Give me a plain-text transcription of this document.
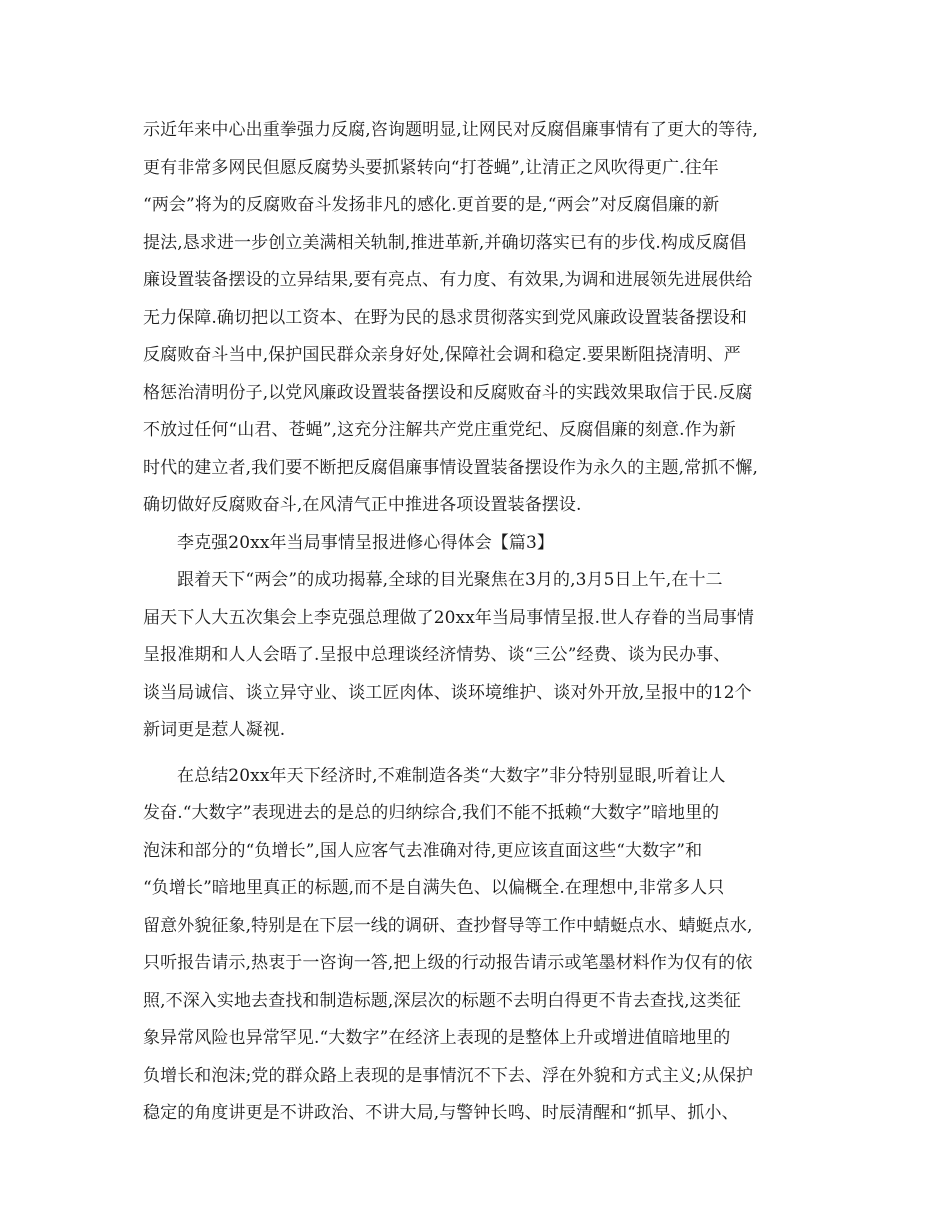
示近年来中心出重拳强力反腐,咨询题明显,让网民对反腐倡廉事情有了更大的等待,
更有非常多网民但愿反腐势头要抓紧转向“打苍蝇”,让清正之风吹得更广.往年
“两会”将为的反腐败奋斗发扬非凡的感化.更首要的是,“两会”对反腐倡廉的新
提法,恳求进一步创立美满相关轨制,推进革新,并确切落实已有的步伐.构成反腐倡
廉设置装备摆设的立异结果,要有亮点、有力度、有效果,为调和进展领先进展供给
无力保障.确切把以工资本、在野为民的恳求贯彻落实到党风廉政设置装备摆设和
反腐败奋斗当中,保护国民群众亲身好处,保障社会调和稳定.要果断阻挠清明、严
格惩治清明份子,以党风廉政设置装备摆设和反腐败奋斗的实践效果取信于民.反腐
不放过任何“山君、苍蝇”,这充分注解共产党庄重党纪、反腐倡廉的刻意.作为新
时代的建立者,我们要不断把反腐倡廉事情设置装备摆设作为永久的主题,常抓不懈,
确切做好反腐败奋斗,在风清气正中推进各项设置装备摆设.
李克强20xx年当局事情呈报进修心得体会【篇3】
跟着天下“两会”的成功揭幕,全球的目光聚焦在3月的,3月5日上午,在十二
届天下人大五次集会上李克强总理做了20xx年当局事情呈报.世人存眷的当局事情
呈报准期和人人会晤了.呈报中总理谈经济情势、谈“三公”经费、谈为民办事、
谈当局诚信、谈立异守业、谈工匠肉体、谈环境维护、谈对外开放,呈报中的12个
新词更是惹人凝视.
在总结20xx年天下经济时,不难制造各类“大数字”非分特别显眼,听着让人
发奋.“大数字”表现进去的是总的归纳综合,我们不能不抵赖“大数字”暗地里的
泡沫和部分的“负增长”,国人应客气去准确对待,更应该直面这些“大数字”和
“负增长”暗地里真正的标题,而不是自满失色、以偏概全.在理想中,非常多人只
留意外貌征象,特别是在下层一线的调研、查抄督导等工作中蜻蜓点水、蜻蜓点水,
只听报告请示,热衷于一咨询一答,把上级的行动报告请示或笔墨材料作为仅有的依
照,不深入实地去查找和制造标题,深层次的标题不去明白得更不肯去查找,这类征
象异常风险也异常罕见.“大数字”在经济上表现的是整体上升或增进值暗地里的
负增长和泡沫;党的群众路上表现的是事情沉不下去、浮在外貌和方式主义;从保护
稳定的角度讲更是不讲政治、不讲大局,与警钟长鸣、时辰清醒和“抓早、抓小、
